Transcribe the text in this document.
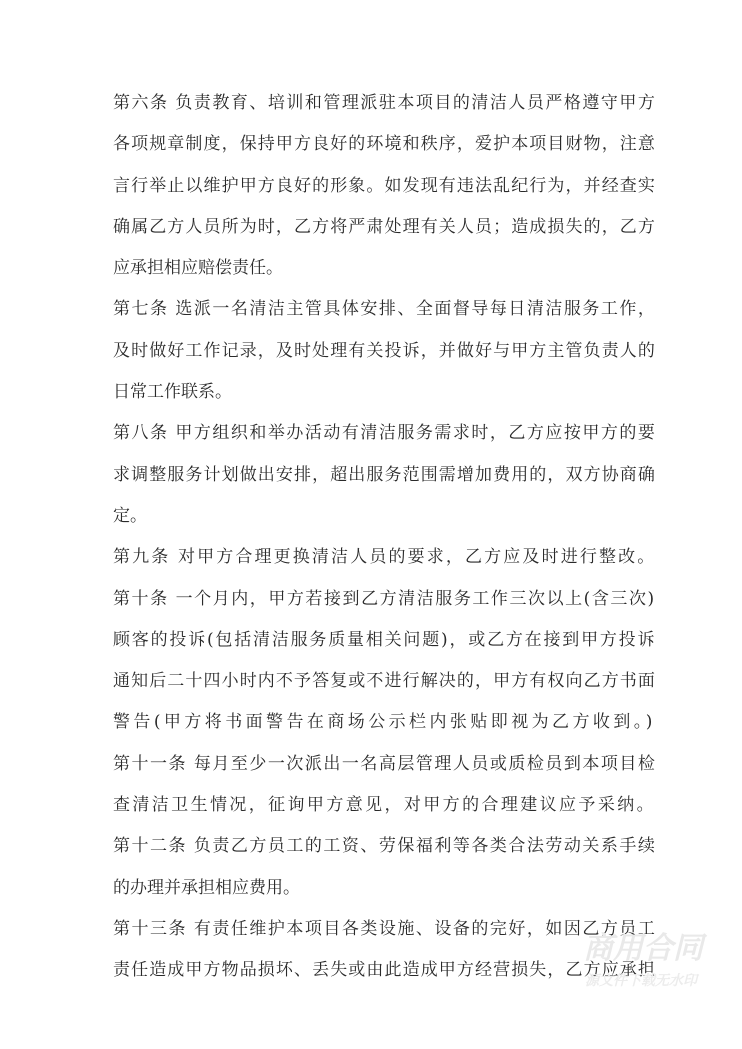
第六条 负责教育、培训和管理派驻本项目的清洁人员严格遵守甲方
各项规章制度，保持甲方良好的环境和秩序，爱护本项目财物，注意
言行举止以维护甲方良好的形象。如发现有违法乱纪行为，并经查实
确属乙方人员所为时，乙方将严肃处理有关人员；造成损失的，乙方
应承担相应赔偿责任。
第七条 选派一名清洁主管具体安排、全面督导每日清洁服务工作，
及时做好工作记录，及时处理有关投诉，并做好与甲方主管负责人的
日常工作联系。
第八条 甲方组织和举办活动有清洁服务需求时，乙方应按甲方的要
求调整服务计划做出安排，超出服务范围需增加费用的，双方协商确
定。
第九条 对甲方合理更换清洁人员的要求，乙方应及时进行整改。
第十条 一个月内，甲方若接到乙方清洁服务工作三次以上(含三次)
顾客的投诉(包括清洁服务质量相关问题)，或乙方在接到甲方投诉
通知后二十四小时内不予答复或不进行解决的，甲方有权向乙方书面
警告(甲方将书面警告在商场公示栏内张贴即视为乙方收到。)
第十一条 每月至少一次派出一名高层管理人员或质检员到本项目检
查清洁卫生情况，征询甲方意见，对甲方的合理建议应予采纳。
第十二条 负责乙方员工的工资、劳保福利等各类合法劳动关系手续
的办理并承担相应费用。
第十三条 有责任维护本项目各类设施、设备的完好，如因乙方员工
责任造成甲方物品损坏、丢失或由此造成甲方经营损失，乙方应承担
商用合同
源文件下载无水印
